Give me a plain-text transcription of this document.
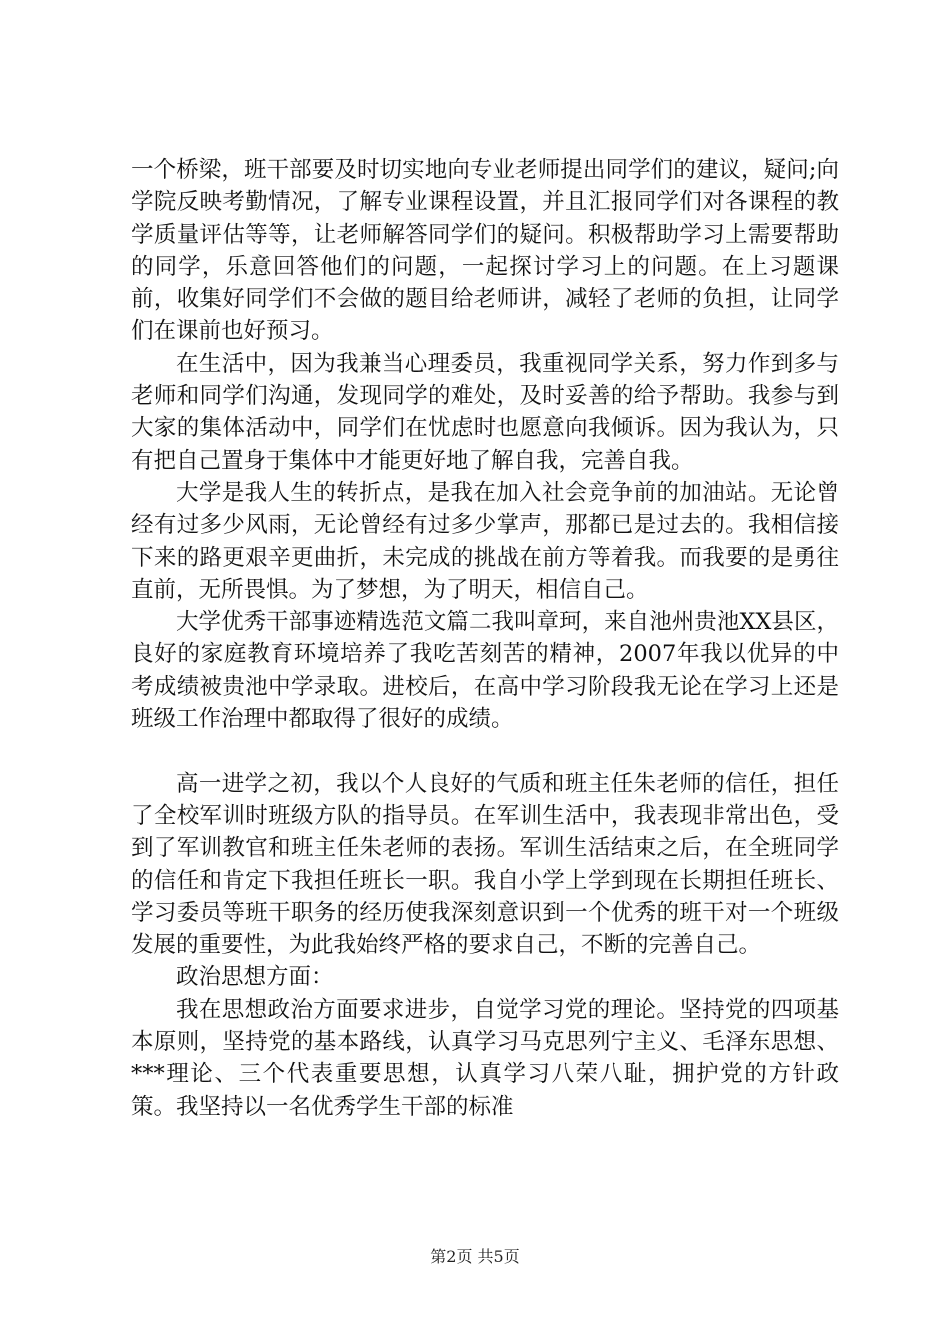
一个桥梁，班干部要及时切实地向专业老师提出同学们的建议，疑问;向学院反映考勤情况，了解专业课程设置，并且汇报同学们对各课程的教学质量评估等等，让老师解答同学们的疑问。积极帮助学习上需要帮助的同学，乐意回答他们的问题，一起探讨学习上的问题。在上习题课前，收集好同学们不会做的题目给老师讲，减轻了老师的负担，让同学们在课前也好预习。

在生活中，因为我兼当心理委员，我重视同学关系，努力作到多与老师和同学们沟通，发现同学的难处，及时妥善的给予帮助。我参与到大家的集体活动中，同学们在忧虑时也愿意向我倾诉。因为我认为，只有把自己置身于集体中才能更好地了解自我，完善自我。

大学是我人生的转折点，是我在加入社会竞争前的加油站。无论曾经有过多少风雨，无论曾经有过多少掌声，那都已是过去的。我相信接下来的路更艰辛更曲折，未完成的挑战在前方等着我。而我要的是勇往直前，无所畏惧。为了梦想，为了明天，相信自己。

大学优秀干部事迹精选范文篇二我叫章珂，来自池州贵池XX县区，良好的家庭教育环境培养了我吃苦刻苦的精神，2007年我以优异的中考成绩被贵池中学录取。进校后，在高中学习阶段我无论在学习上还是班级工作治理中都取得了很好的成绩。

高一进学之初，我以个人良好的气质和班主任朱老师的信任，担任了全校军训时班级方队的指导员。在军训生活中，我表现非常出色，受到了军训教官和班主任朱老师的表扬。军训生活结束之后，在全班同学的信任和肯定下我担任班长一职。我自小学上学到现在长期担任班长、学习委员等班干职务的经历使我深刻意识到一个优秀的班干对一个班级发展的重要性，为此我始终严格的要求自己，不断的完善自己。

政治思想方面：

我在思想政治方面要求进步，自觉学习党的理论。坚持党的四项基本原则，坚持党的基本路线，认真学习马克思列宁主义、毛泽东思想、***理论、三个代表重要思想，认真学习八荣八耻，拥护党的方针政策。我坚持以一名优秀学生干部的标准

第2页 共5页
